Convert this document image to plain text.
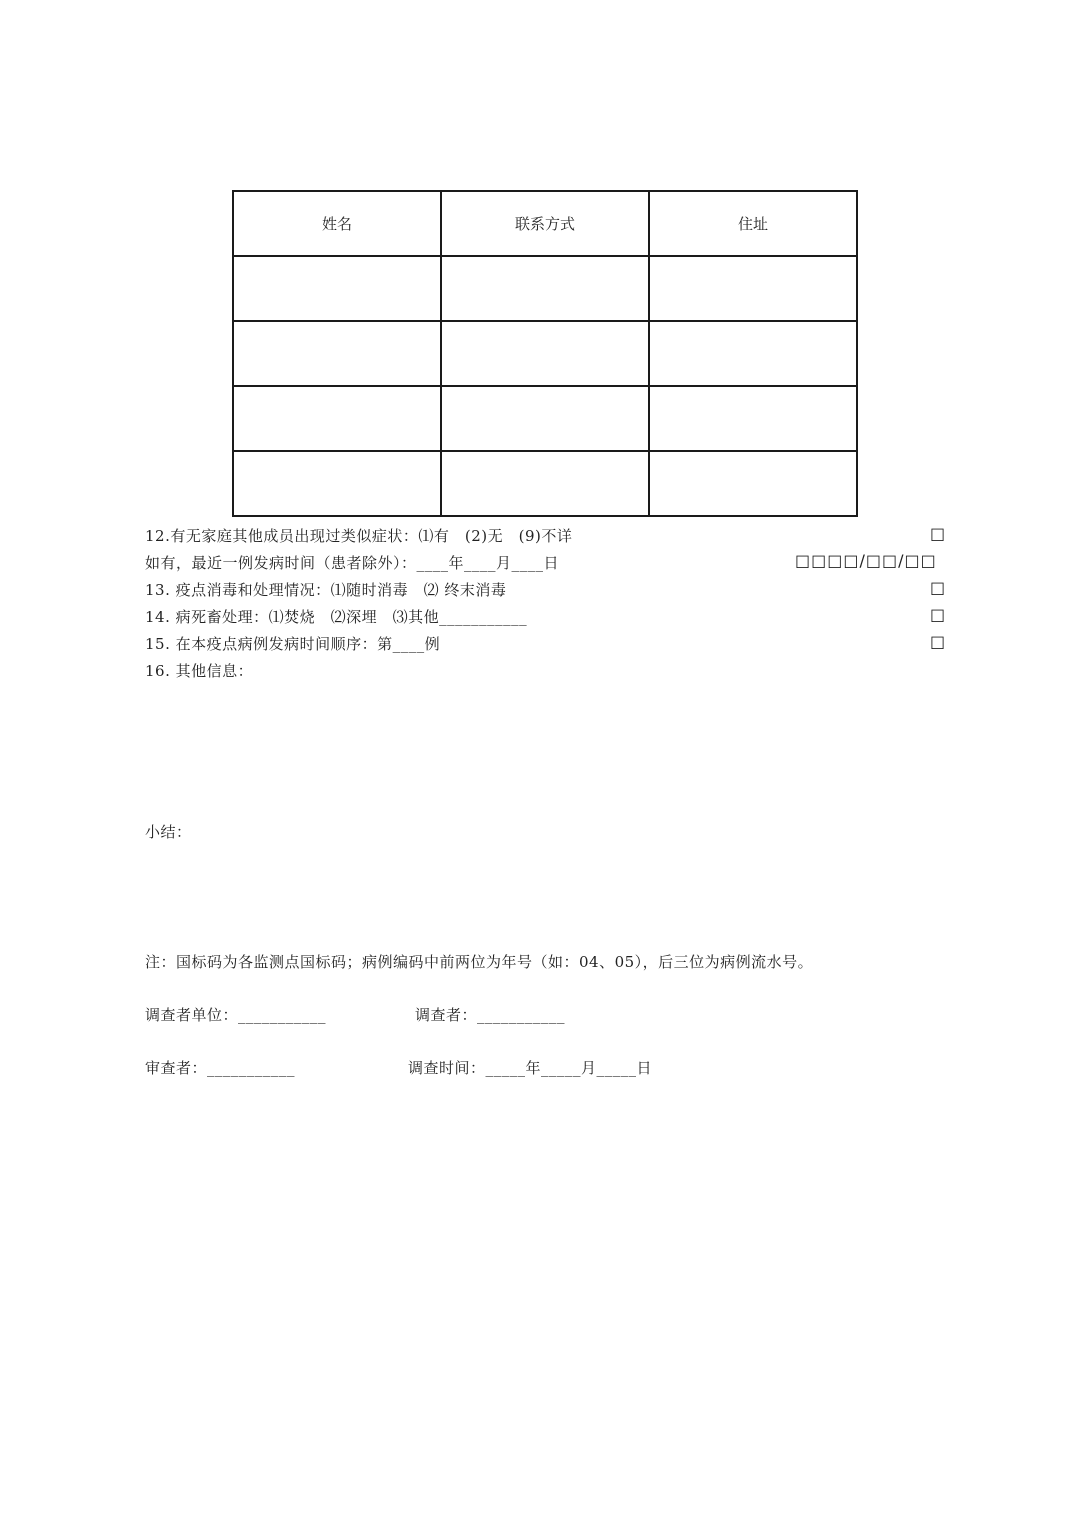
姓名	联系方式	住址

12.有无家庭其他成员出现过类似症状：⑴有　(2)无　(9)不详	□
如有，最近一例发病时间（患者除外）：____年____月____日	□□□□/□□/□□
13. 疫点消毒和处理情况：⑴随时消毒　⑵ 终末消毒	□
14. 病死畜处理：⑴焚烧　⑵深埋　⑶其他___________	□
15. 在本疫点病例发病时间顺序：第____例	□
16. 其他信息：
小结：
注：国标码为各监测点国标码；病例编码中前两位为年号（如：04、05），后三位为病例流水号。
调查者单位：___________	调查者：___________
审查者：___________	调查时间：_____年_____月_____日
